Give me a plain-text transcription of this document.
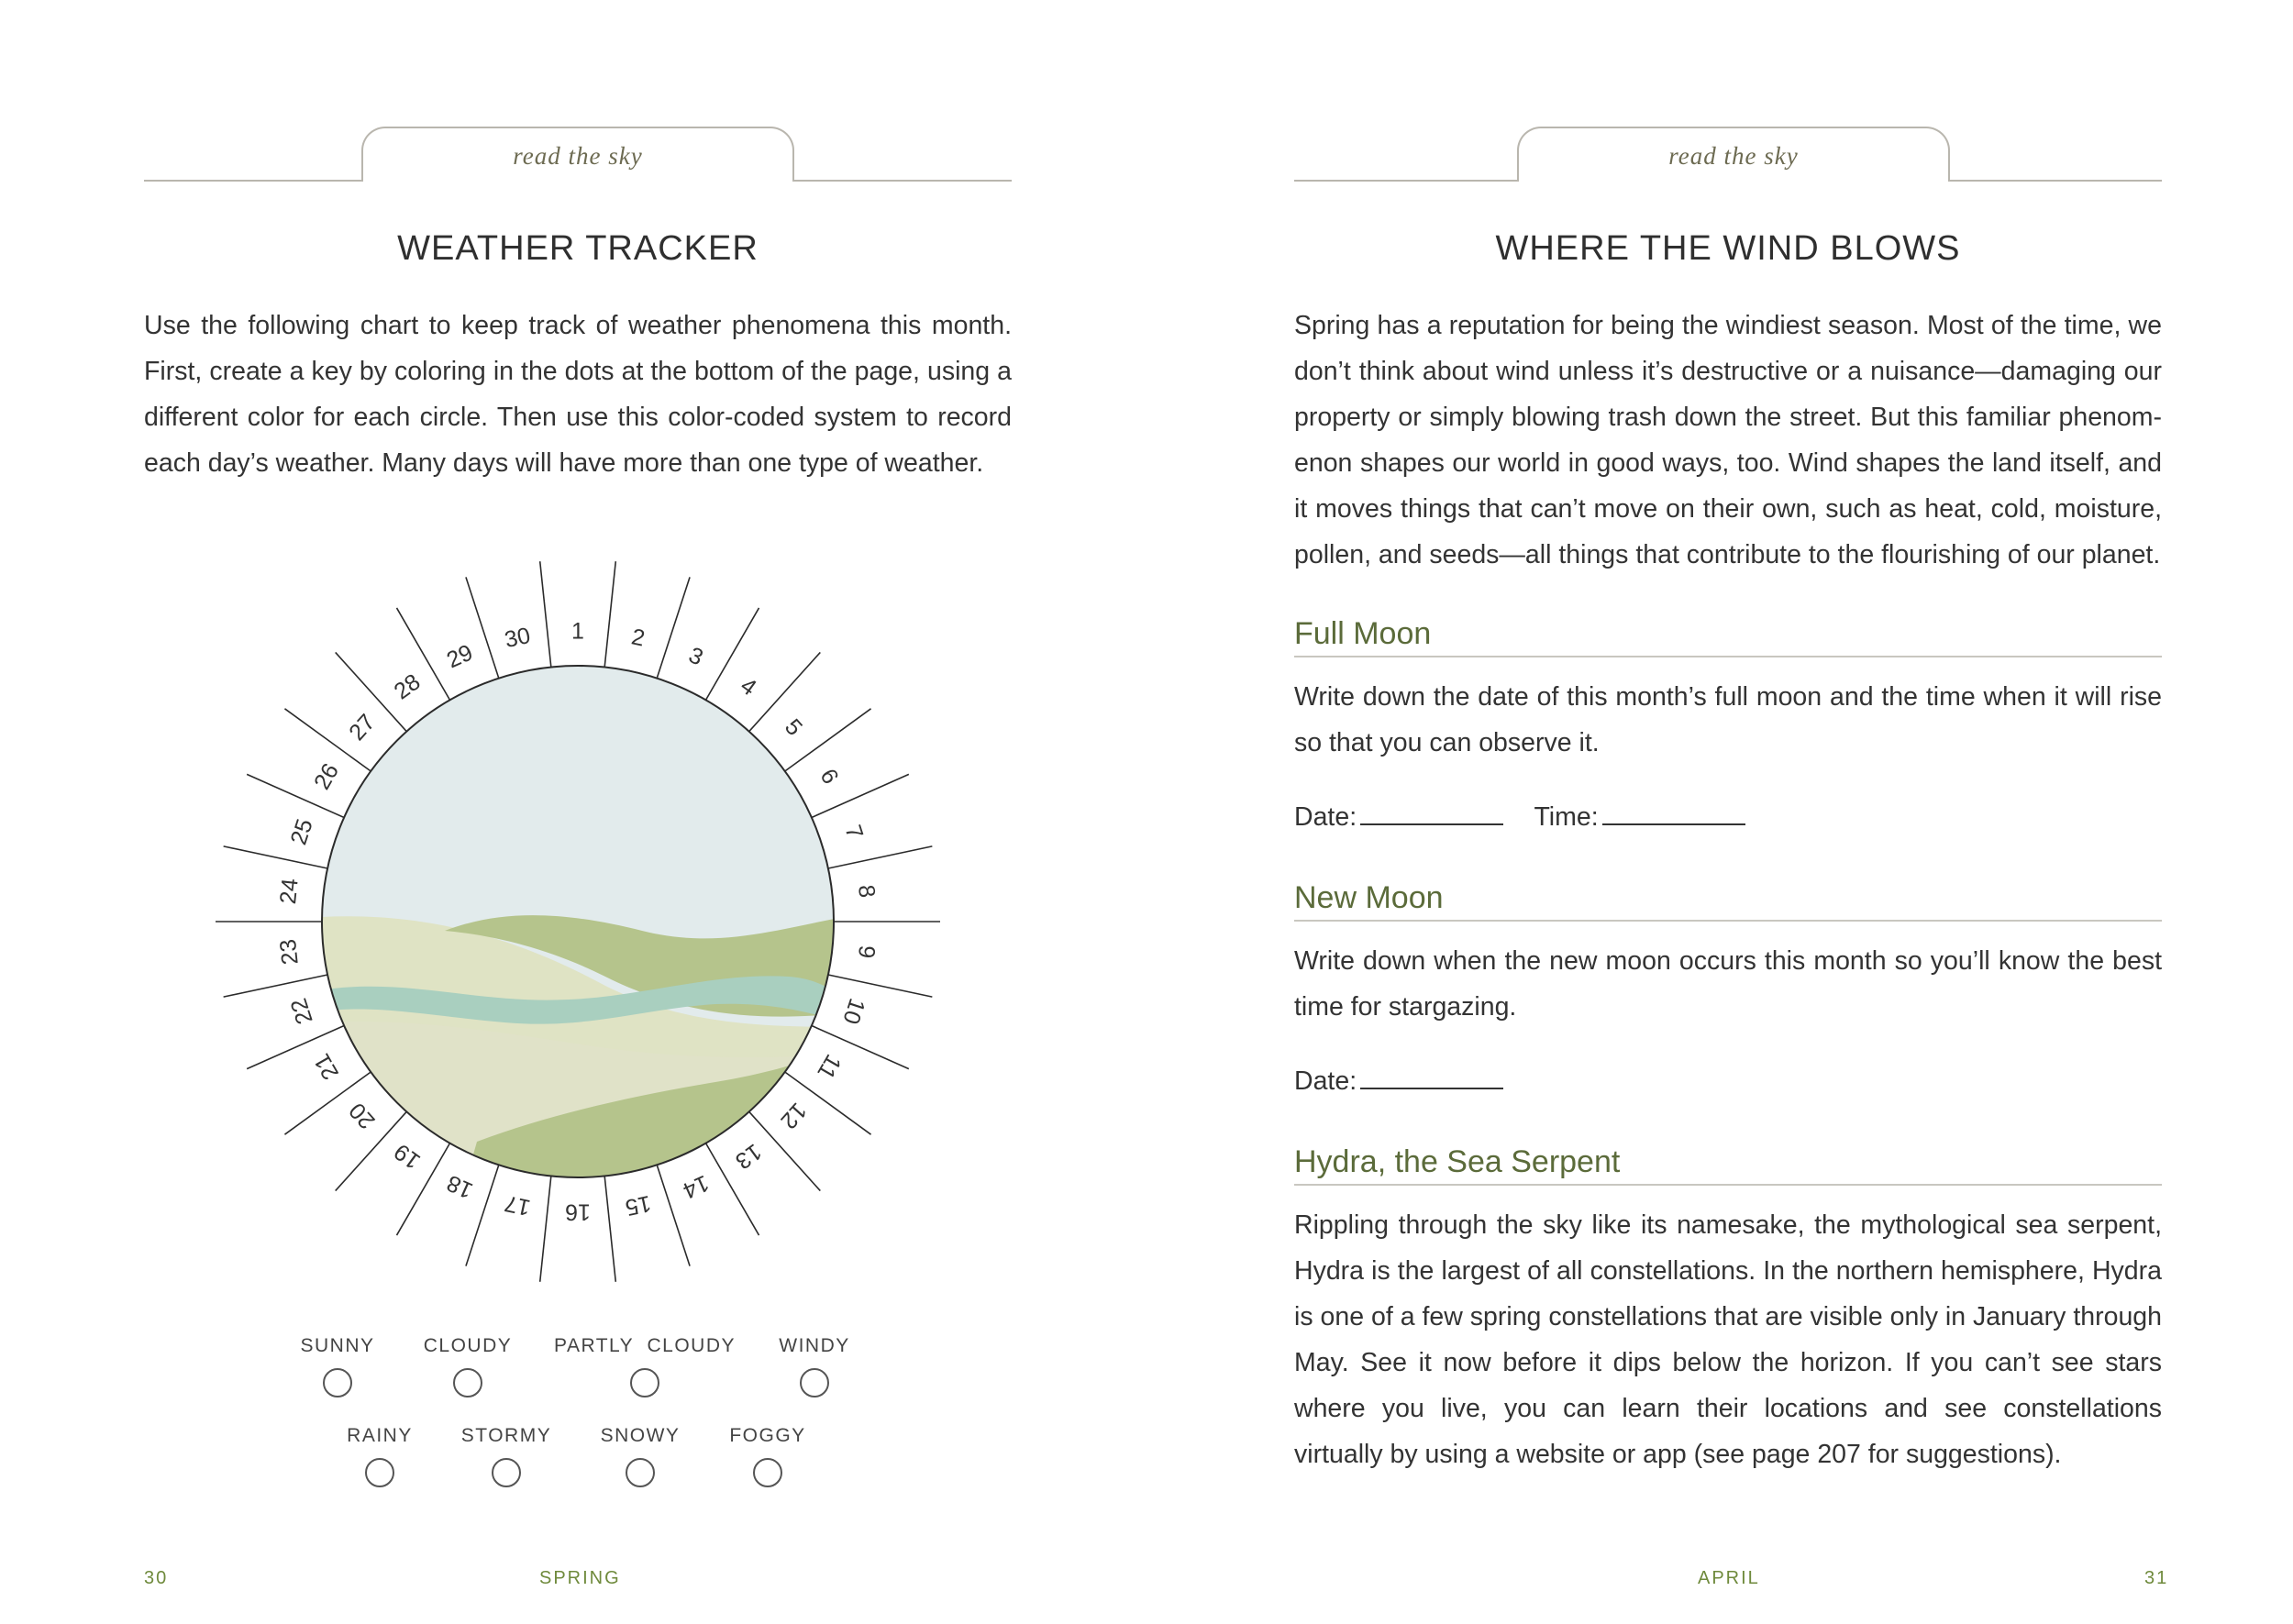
read the sky
WEATHER TRACKER

Use the following chart to keep track of weather phenomena this month. First, create a key by coloring in the dots at the bottom of the page, using a different color for each circle. Then use this color-coded system to record each day’s weather. Many days will have more than one type of weather.

1 2
3
4
5
6
7
8
9
10
11
12
13
14
15
16
17
18
19
20
21
22
23
24
25
26
27
28
29
30
SUNNY	CLOUDY PARTLY  CLOUDY WINDY
RAINY	STORMY	SNOWY	FOGGY
30	SPRING
read the sky
WHERE THE WIND BLOWS

Spring has a reputation for being the windiest season. Most of the time, we don’t think about wind unless it’s destructive or a nuisance—damaging our property or simply blowing trash down the street. But this familiar phenom-enon shapes our world in good ways, too. Wind shapes the land itself, and it moves things that can’t move on their own, such as heat, cold, moisture, pollen, and seeds—all things that contribute to the flourishing of our planet.

Full Moon

Write down the date of this month’s full moon and the time when it will rise so that you can observe it.

Date:	Time:
New Moon

Write down when the new moon occurs this month so you’ll know the best time for stargazing.

Date:
Hydra, the Sea Serpent

Rippling through the sky like its namesake, the mythological sea serpent, Hydra is the largest of all constellations. In the northern hemisphere, Hydra is one of a few spring constellations that are visible only in January through May. See it now before it dips below the horizon. If you can’t see stars where you live, you can learn their locations and see constellations virtually by using a website or app (see page 207 for suggestions).

APRIL	31
